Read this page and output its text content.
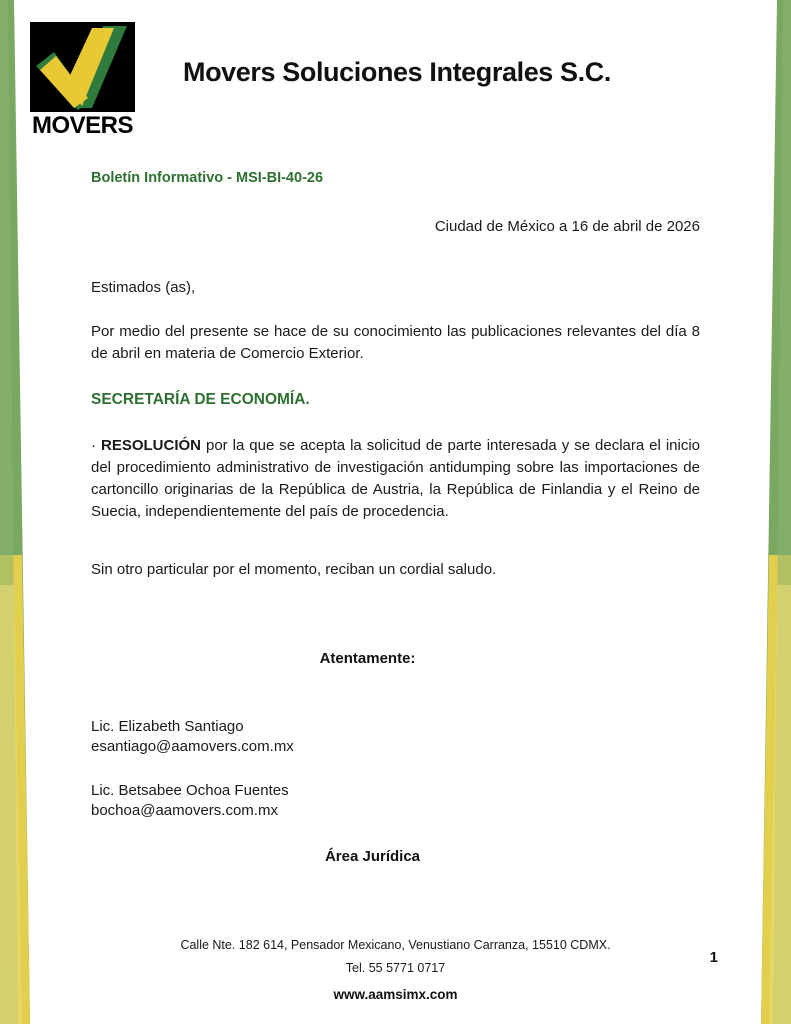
MOVERS
Movers Soluciones Integrales S.C.

Boletín Informativo - MSI-BI-40-26

Ciudad de México a 16 de abril de 2026

Estimados (as),

Por medio del presente se hace de su conocimiento las publicaciones relevantes del día 8 de abril en materia de Comercio Exterior.

SECRETARÍA DE ECONOMÍA.

· RESOLUCIÓN por la que se acepta la solicitud de parte interesada y se declara el inicio del procedimiento administrativo de investigación antidumping sobre las importaciones de cartoncillo originarias de la República de Austria, la República de Finlandia y el Reino de Suecia, independientemente del país de procedencia.

Sin otro particular por el momento, reciban un cordial saludo.

Atentamente:

Lic. Elizabeth Santiago
esantiago@aamovers.com.mx
Lic. Betsabee Ochoa Fuentes
bochoa@aamovers.com.mx

Área Jurídica

Calle Nte. 182 614, Pensador Mexicano, Venustiano Carranza, 15510 CDMX.

Tel. 55 5771 0717

www.aamsimx.com

1
